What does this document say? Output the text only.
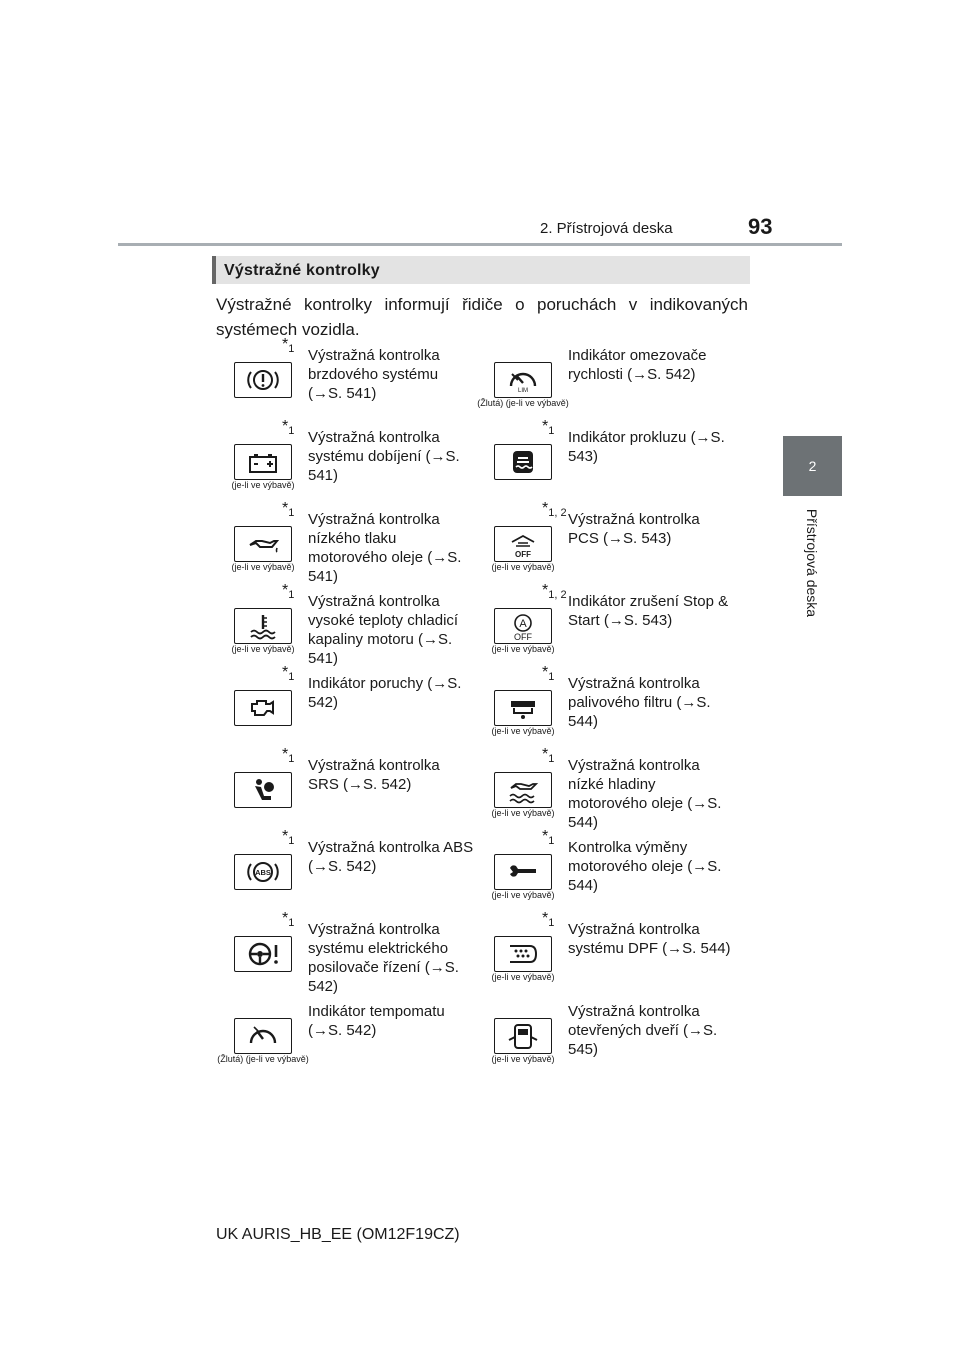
2. Přístrojová deska	93
2
Přístrojová deska
Výstražné kontrolky
Výstražné kontrolky informují řidiče o poruchách v indikovaných systémech vozidla.
$*_1$ Výstražná kontrolka brzdového systému (→S. 541)	LIM
(Žlutá) (je-li ve výbavě)
Indikátor omezovače rychlosti (→S. 542)
$*_1$
(je-li ve výbavě)
Výstražná kontrolka systému dobíjení (→S. 541)
$*_1$ Indikátor prokluzu (→S. 543)
$*_1$
(je-li ve výbavě)
Výstražná kontrolka nízkého tlaku motorového oleje (→S. 541)
OFF
$*_{1, 2}$
(je-li ve výbavě)
Výstražná kontrolka PCS (→S. 543)
$*_1$
(je-li ve výbavě)
Výstražná kontrolka vysoké teploty chladicí kapaliny motoru (→S. 541)
A
OFF
$*_{1, 2}$
(je-li ve výbavě)
Indikátor zrušení Stop & Start (→S. 543)
$*_1$ Indikátor poruchy (→S. 542)
$*_1$
(je-li ve výbavě)
Výstražná kontrolka palivového filtru (→S. 544)
$*_1$ Výstražná kontrolka SRS (→S. 542)
$*_1$
(je-li ve výbavě)
Výstražná kontrolka nízké hladiny motorového oleje (→S. 544)
ABS
$*_1$ Výstražná kontrolka ABS (→S. 542)
$*_1$
(je-li ve výbavě)
Kontrolka výměny motorového oleje (→S. 544)
$*_1$ Výstražná kontrolka systému elektrického posilovače řízení (→S. 542)
$*_1$
(je-li ve výbavě)
Výstražná kontrolka systému DPF (→S. 544)
(Žlutá) (je-li ve výbavě)
Indikátor tempomatu (→S. 542)
(je-li ve výbavě)
Výstražná kontrolka otevřených dveří (→S. 545)
UK AURIS_HB_EE (OM12F19CZ)
